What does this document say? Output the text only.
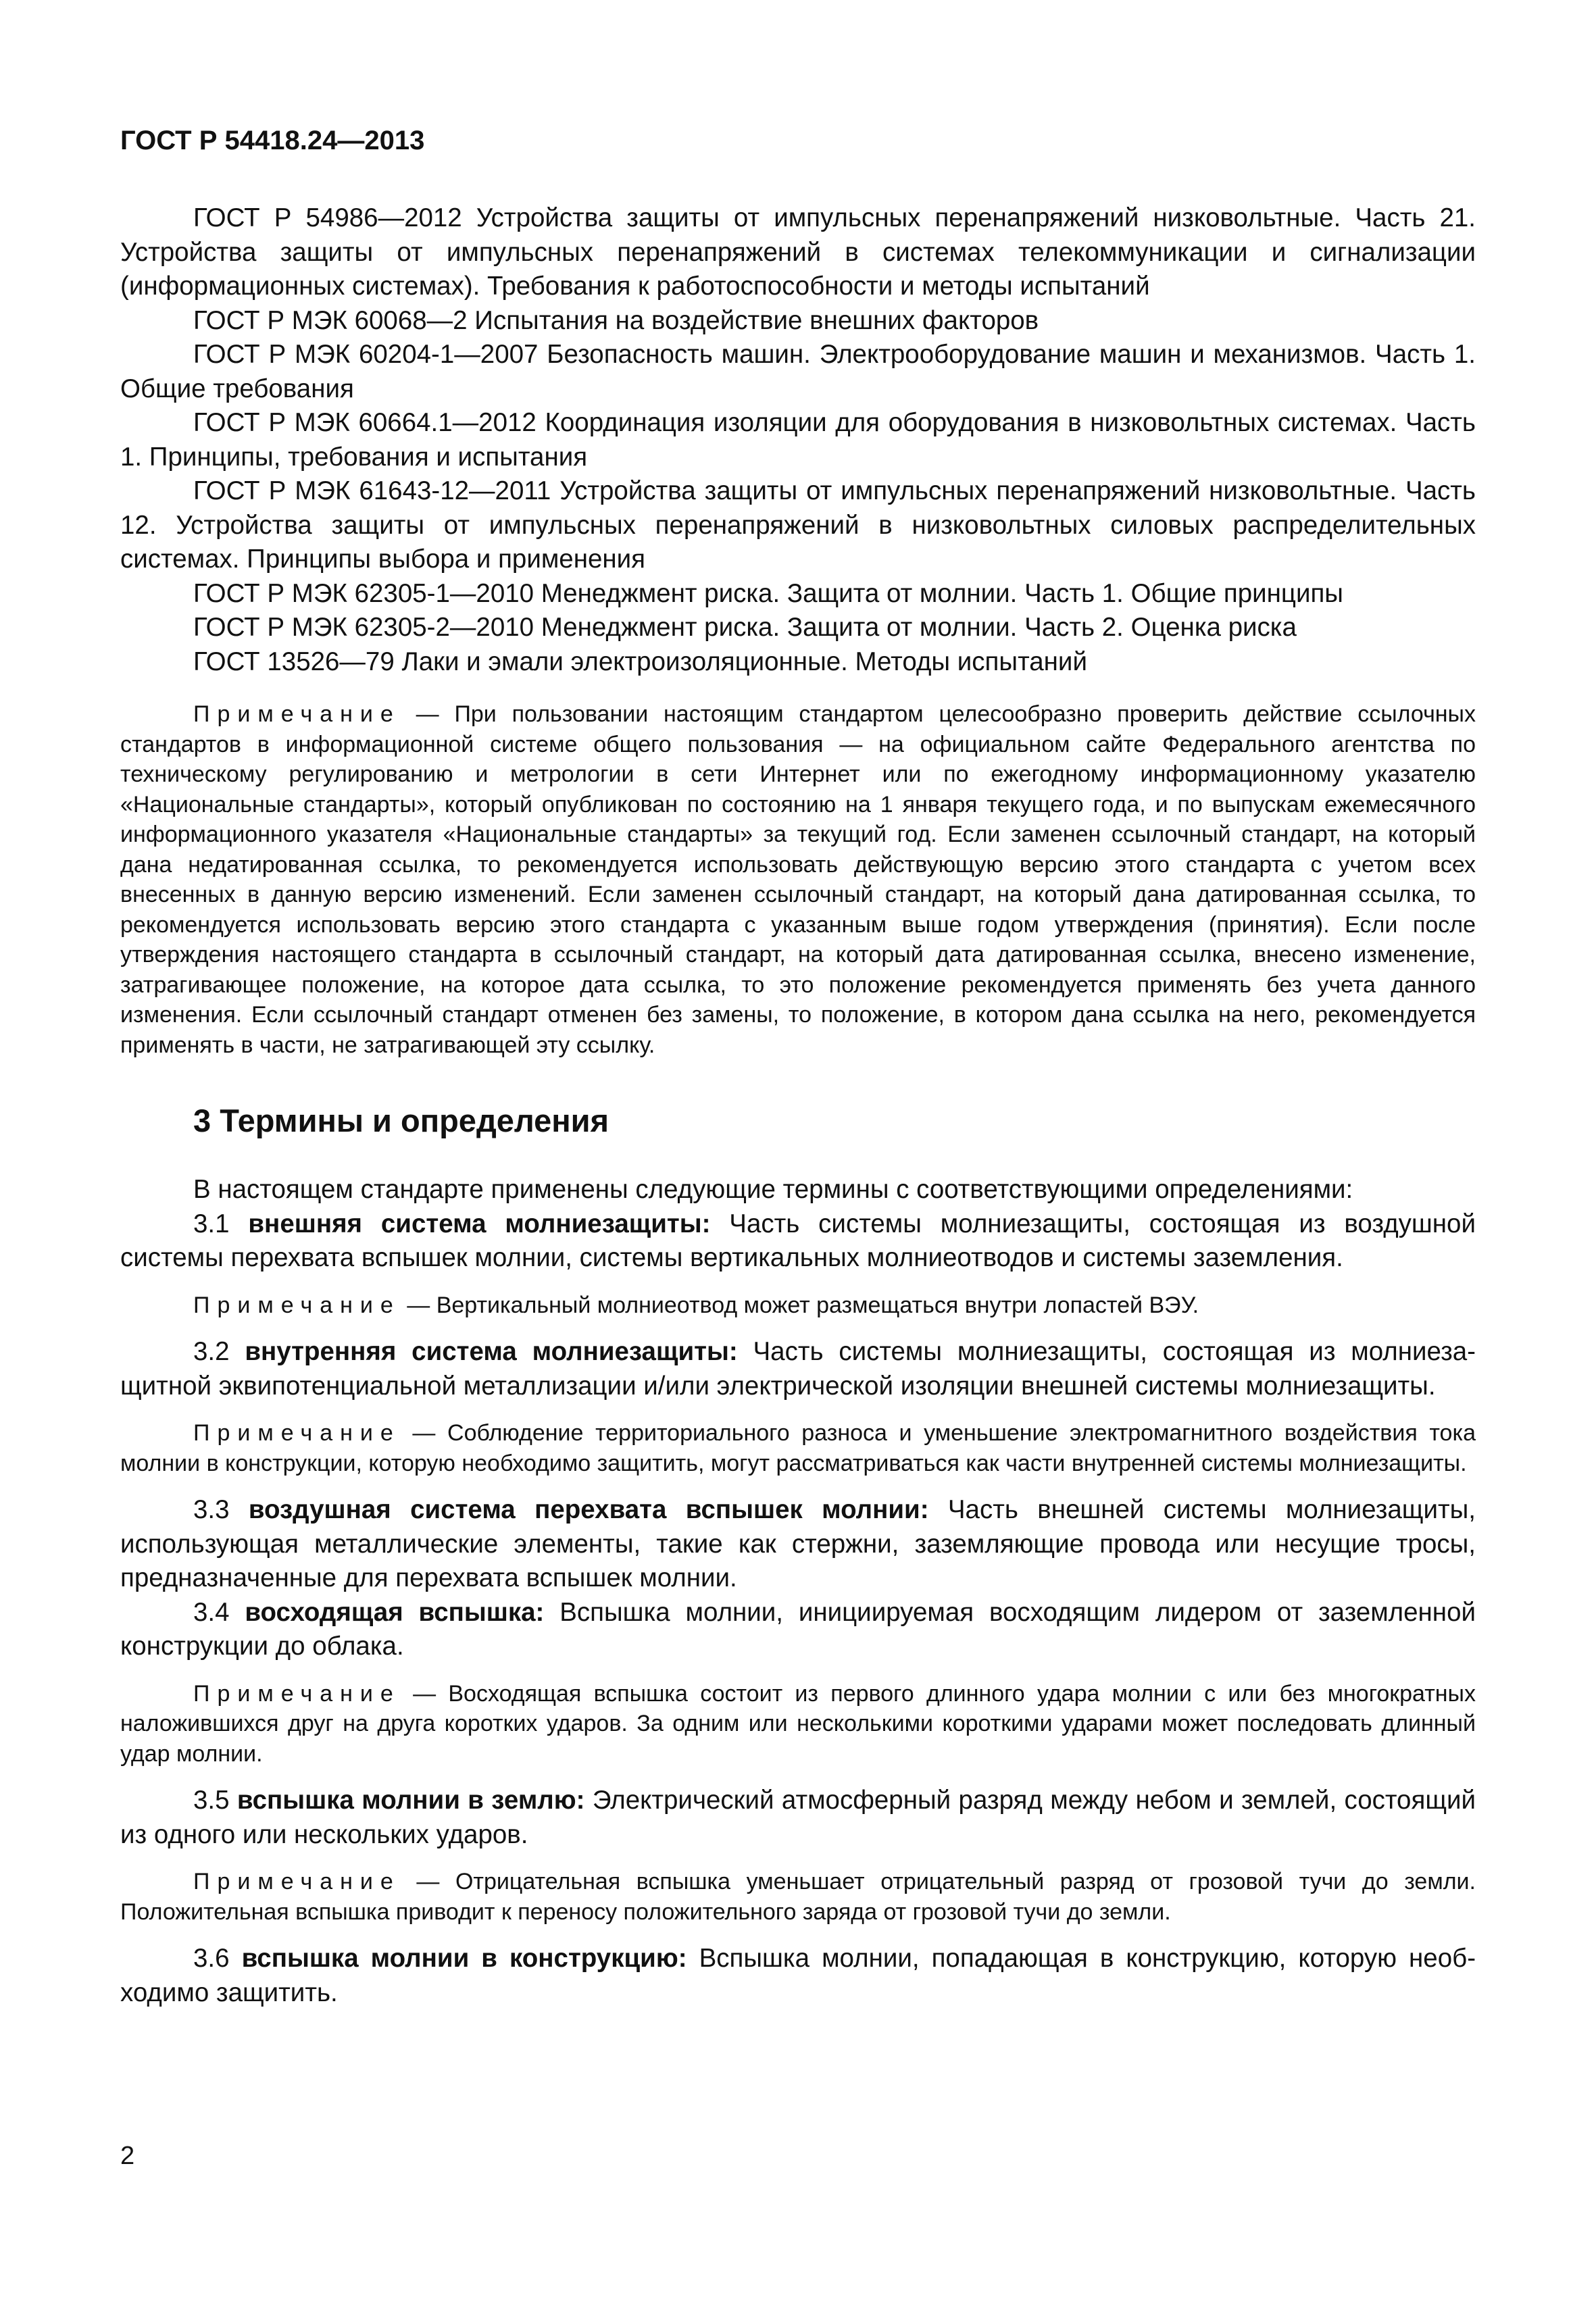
ГОСТ Р 54418.24—2013

ГОСТ Р 54986—2012 Устройства защиты от импульсных перенапряжений низковольтные. Часть 21. Устройства защиты от импульсных перенапряжений в системах телекоммуникации и сигнализации (информационных системах). Требования к работоспособности и методы испытаний

ГОСТ Р МЭК 60068—2 Испытания на воздействие внешних факторов

ГОСТ Р МЭК 60204-1—2007 Безопасность машин. Электрооборудование машин и механизмов. Часть 1. Общие требования

ГОСТ Р МЭК 60664.1—2012 Координация изоляции для оборудования в низковольтных системах. Часть 1. Принципы, требования и испытания

ГОСТ Р МЭК 61643-12—2011 Устройства защиты от импульсных перенапряжений низковольтные. Часть 12. Устройства защиты от импульсных перенапряжений в низковольтных силовых распределительных системах. Принципы выбора и применения

ГОСТ Р МЭК 62305-1—2010 Менеджмент риска. Защита от молнии. Часть 1. Общие принципы

ГОСТ Р МЭК 62305-2—2010 Менеджмент риска. Защита от молнии. Часть 2. Оценка риска

ГОСТ 13526—79 Лаки и эмали электроизоляционные. Методы испытаний

Примечание — При пользовании настоящим стандартом целесообразно проверить действие ссылочных стандартов в информационной системе общего пользования — на официальном сайте Федерального агентства по техническому регулированию и метрологии в сети Интернет или по ежегодному информационному указателю «Национальные стандарты», который опубликован по состоянию на 1 января текущего года, и по выпускам ежемесячного информационного указателя «Национальные стандарты» за текущий год. Если заменен ссылочный стандарт, на который дана недатированная ссылка, то рекомендуется использовать действующую версию этого стандарта с учетом всех внесенных в данную версию изменений. Если заменен ссылочный стандарт, на который дана датированная ссылка, то рекомендуется использовать версию этого стандарта с указанным выше годом утверждения (принятия). Если после утверждения настоящего стандарта в ссылочный стандарт, на который дата датированная ссылка, внесено изменение, затрагивающее положение, на которое дата ссылка, то это положение рекомендуется применять без учета данного изменения. Если ссылочный стандарт отменен без замены, то положение, в котором дана ссылка на него, рекомендуется применять в части, не затрагивающей эту ссылку.

3 Термины и определения

В настоящем стандарте применены следующие термины с соответствующими определениями:

3.1 внешняя система молниезащиты: Часть системы молниезащиты, состоящая из воздушной системы перехвата вспышек молнии, системы вертикальных молниеотводов и системы заземления.

Примечание — Вертикальный молниеотвод может размещаться внутри лопастей ВЭУ.

3.2 внутренняя система молниезащиты: Часть системы молниезащиты, состоящая из молниезащитной эквипотенциальной металлизации и/или электрической изоляции внешней системы молниезащиты.

Примечание — Соблюдение территориального разноса и уменьшение электромагнитного воздействия тока молнии в конструкции, которую необходимо защитить, могут рассматриваться как части внутренней системы молниезащиты.

3.3 воздушная система перехвата вспышек молнии: Часть внешней системы молниезащиты, использующая металлические элементы, такие как стержни, заземляющие провода или несущие тросы, предназначенные для перехвата вспышек молнии.

3.4 восходящая вспышка: Вспышка молнии, инициируемая восходящим лидером от заземленной конструкции до облака.

Примечание — Восходящая вспышка состоит из первого длинного удара молнии с или без многократных наложившихся друг на друга коротких ударов. За одним или несколькими короткими ударами может последовать длинный удар молнии.

3.5 вспышка молнии в землю: Электрический атмосферный разряд между небом и землей, состоящий из одного или нескольких ударов.

Примечание — Отрицательная вспышка уменьшает отрицательный разряд от грозовой тучи до земли. Положительная вспышка приводит к переносу положительного заряда от грозовой тучи до земли.

3.6 вспышка молнии в конструкцию: Вспышка молнии, попадающая в конструкцию, которую необходимо защитить.

2
